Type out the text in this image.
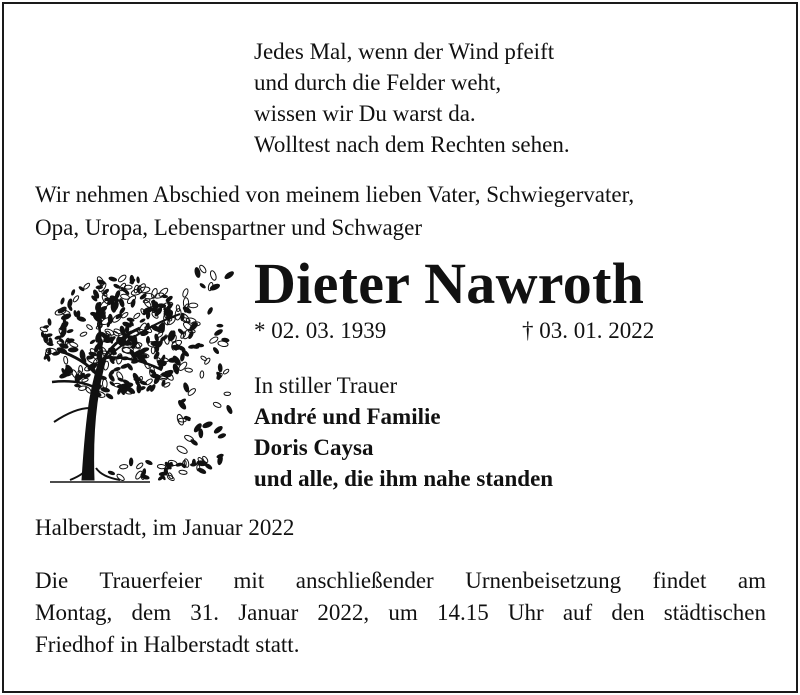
Jedes Mal, wenn der Wind pfeift
und durch die Felder weht,
wissen wir Du warst da.
Wolltest nach dem Rechten sehen.
Wir nehmen Abschied von meinem lieben Vater, Schwiegervater,
Opa, Uropa, Lebenspartner und Schwager
Dieter Nawroth
* 02. 03. 1939	† 03. 01. 2022
In stiller Trauer
André und Familie
Doris Caysa
und alle, die ihm nahe standen
Halberstadt, im Januar 2022
Die Trauerfeier mit anschließender Urnenbeisetzung findet am
Montag, dem 31. Januar 2022, um 14.15 Uhr auf den städtischen
Friedhof in Halberstadt statt.
